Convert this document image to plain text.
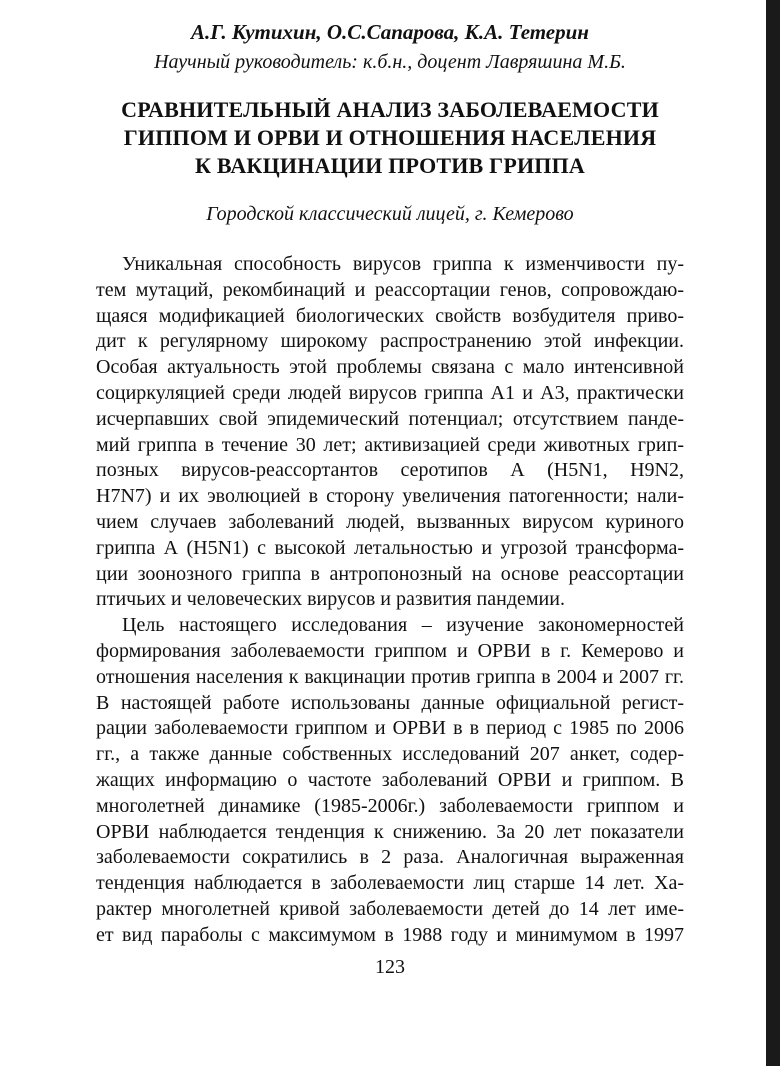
А.Г. Кутихин, О.С.Сапарова, К.А. Тетерин
Научный руководитель: к.б.н., доцент Лавряшина М.Б.
СРАВНИТЕЛЬНЫЙ АНАЛИЗ ЗАБОЛЕВАЕМОСТИ
ГИППОМ И ОРВИ И ОТНОШЕНИЯ НАСЕЛЕНИЯ
К ВАКЦИНАЦИИ ПРОТИВ ГРИППА
Городской классический лицей, г. Кемерово
Уникальная способность вирусов гриппа к изменчивости пу-
тем мутаций, рекомбинаций и реассортации генов, сопровождаю-
щаяся модификацией биологических свойств возбудителя приво-
дит к регулярному широкому распространению этой инфекции.
Особая актуальность этой проблемы связана с мало интенсивной
социркуляцией среди людей вирусов гриппа А1 и А3, практически
исчерпавших свой эпидемический потенциал; отсутствием панде-
мий гриппа в течение 30 лет; активизацией среди животных грип-
позных вирусов-реассортантов серотипов А (H5N1, H9N2,
H7N7) и их эволюцией в сторону увеличения патогенности; нали-
чием случаев заболеваний людей, вызванных вирусом куриного
гриппа А (H5N1) с высокой летальностью и угрозой трансформа-
ции зоонозного гриппа в антропонозный на основе реассортации
птичьих и человеческих вирусов и развития пандемии.
Цель настоящего исследования – изучение закономерностей
формирования заболеваемости гриппом и ОРВИ в г. Кемерово и
отношения населения к вакцинации против гриппа в 2004 и 2007 гг.
В настоящей работе использованы данные официальной регист-
рации заболеваемости гриппом и ОРВИ в в период с 1985 по 2006
гг., а также данные собственных исследований 207 анкет, содер-
жащих информацию о частоте заболеваний ОРВИ и гриппом. В
многолетней динамике (1985-2006г.) заболеваемости гриппом и
ОРВИ наблюдается тенденция к снижению. За 20 лет показатели
заболеваемости сократились в 2 раза. Аналогичная выраженная
тенденция наблюдается в заболеваемости лиц старше 14 лет. Ха-
рактер многолетней кривой заболеваемости детей до 14 лет име-
ет вид параболы с максимумом в 1988 году и минимумом в 1997
123
